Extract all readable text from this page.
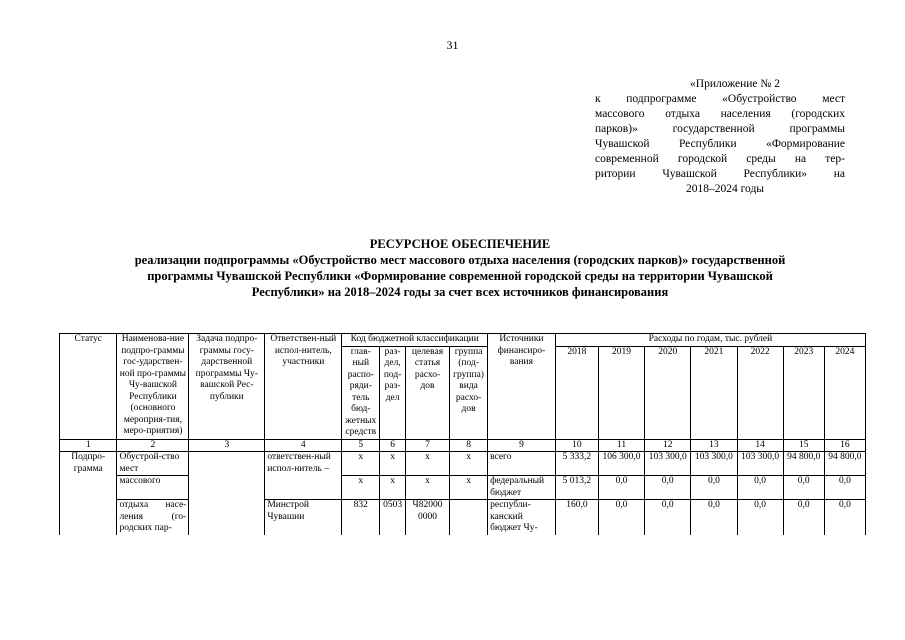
31
«Приложение № 2
к подпрограмме «Обустройство мест
массового отдыха населения (городских
парков)» государственной программы
Чувашской Республики «Формирование
современной городской среды на тер-
ритории Чувашской Республики» на
2018–2024 годы
РЕСУРСНОЕ ОБЕСПЕЧЕНИЕ
реализации подпрограммы «Обустройство мест массового отдыха населения (городских парков)» государственной
программы Чувашской Республики «Формирование современной городской среды на территории Чувашской
Республики» на 2018–2024 годы за счет всех источников финансирования
Статус	Наименова-ние подпро-граммы гос-ударствен-ной про-граммы Чу-вашской Республики (основного мероприя-тия, меро-приятия)	Задача подпро-граммы госу-дарственной программы Чу-вашской Рес-публики	Ответствен-ный испол-нитель, участники	Код бюджетной классификации				Источники финансиро-вания	Расходы по годам, тыс. рублей						
				глав-ный распо-ряди-тель бюд-жетных средств	раз-дел, под-раз-дел	целевая статья расхо-дов	группа (под-группа) вида расхо-дов		2018	2019	2020	2021	2022	2023	2024
1	2	3	4	5	6	7	8	9	10	11	12	13	14	15	16
Подпро-грамма	Обустрой-ство мест		ответствен-ный испол-нитель –	x	x	x	x	всего	5 333,2	106 300,0	103 300,0	103 300,0	103 300,0	94 800,0	94 800,0
	массового			x	x	x	x	федеральный бюджет	5 013,2	0,0	0,0	0,0	0,0	0,0	0,0
	отдыха насе-ления (го-родских пар-		Минстрой Чувашии	832	0503	Ч82000 0000		республи-канский бюджет Чу-	160,0	0,0	0,0	0,0	0,0	0,0	0,0
